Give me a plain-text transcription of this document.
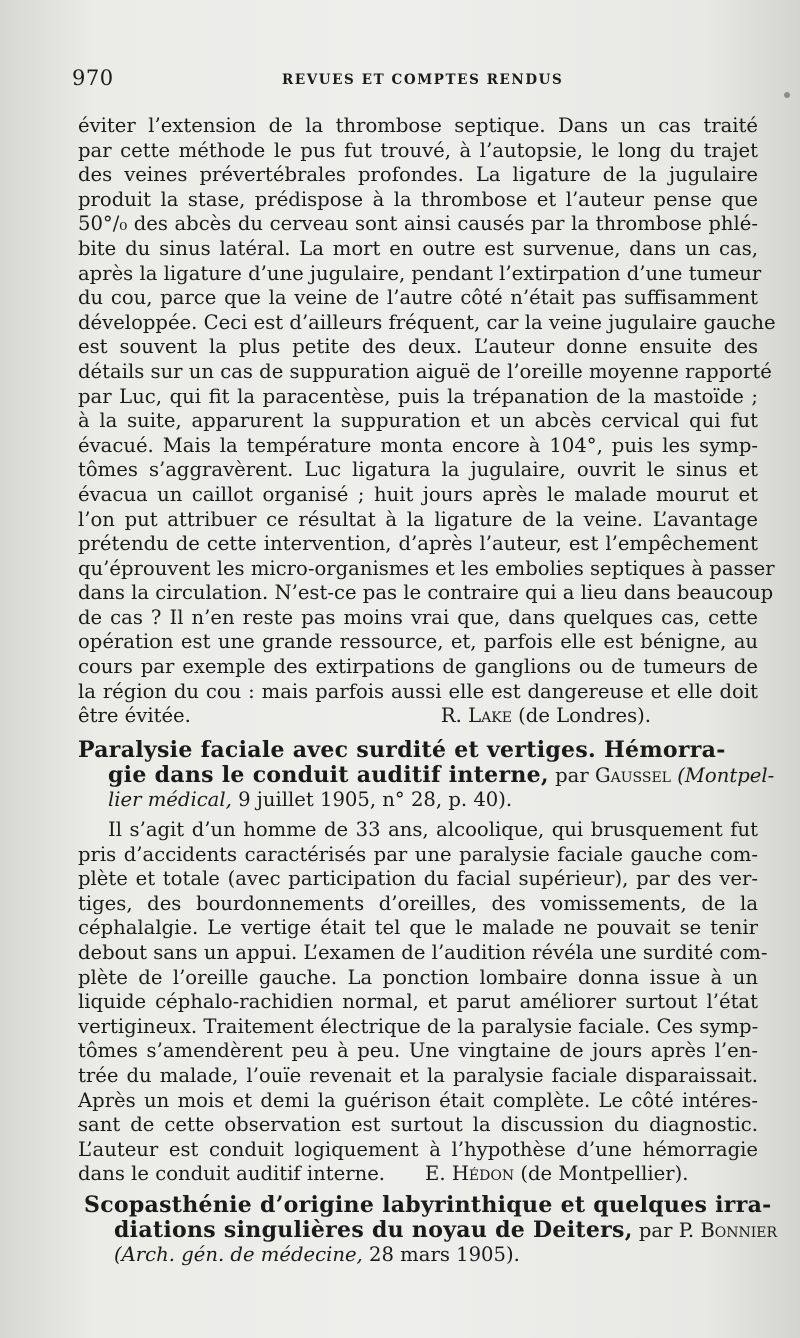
970	REVUES ET COMPTES RENDUS
éviter l’extension de la thrombose septique. Dans un cas traité
par cette méthode le pus fut trouvé, à l’autopsie, le long du trajet
des veines prévertébrales profondes. La ligature de la jugulaire
produit la stase, prédispose à la thrombose et l’auteur pense que
50°/₀ des abcès du cerveau sont ainsi causés par la thrombose phlé-
bite du sinus latéral. La mort en outre est survenue, dans un cas,
après la ligature d’une jugulaire, pendant l’extirpation d’une tumeur
du cou, parce que la veine de l’autre côté n’était pas suffisamment
développée. Ceci est d’ailleurs fréquent, car la veine jugulaire gauche
est souvent la plus petite des deux. L’auteur donne ensuite des
détails sur un cas de suppuration aiguë de l’oreille moyenne rapporté
par Luc, qui fit la paracentèse, puis la trépanation de la mastoïde ;
à la suite, apparurent la suppuration et un abcès cervical qui fut
évacué. Mais la température monta encore à 104°, puis les symp-
tômes s’aggravèrent. Luc ligatura la jugulaire, ouvrit le sinus et
évacua un caillot organisé ; huit jours après le malade mourut et
l’on put attribuer ce résultat à la ligature de la veine. L’avantage
prétendu de cette intervention, d’après l’auteur, est l’empêchement
qu’éprouvent les micro-organismes et les embolies septiques à passer
dans la circulation. N’est-ce pas le contraire qui a lieu dans beaucoup
de cas ? Il n’en reste pas moins vrai que, dans quelques cas, cette
opération est une grande ressource, et, parfois elle est bénigne, au
cours par exemple des extirpations de ganglions ou de tumeurs de
la région du cou : mais parfois aussi elle est dangereuse et elle doit
être évitée.	R. Lake (de Londres).
Paralysie faciale avec surdité et vertiges. Hémorra-
gie dans le conduit auditif interne, par Gaussel (Montpel-
lier médical, 9 juillet 1905, n° 28, p. 40).
Il s’agit d’un homme de 33 ans, alcoolique, qui brusquement fut
pris d’accidents caractérisés par une paralysie faciale gauche com-
plète et totale (avec participation du facial supérieur), par des ver-
tiges, des bourdonnements d’oreilles, des vomissements, de la
céphalalgie. Le vertige était tel que le malade ne pouvait se tenir
debout sans un appui. L’examen de l’audition révéla une surdité com-
plète de l’oreille gauche. La ponction lombaire donna issue à un
liquide céphalo-rachidien normal, et parut améliorer surtout l’état
vertigineux. Traitement électrique de la paralysie faciale. Ces symp-
tômes s’amendèrent peu à peu. Une vingtaine de jours après l’en-
trée du malade, l’ouïe revenait et la paralysie faciale disparaissait.
Après un mois et demi la guérison était complète. Le côté intéres-
sant de cette observation est surtout la discussion du diagnostic.
L’auteur est conduit logiquement à l’hypothèse d’une hémorragie
dans le conduit auditif interne. E. Hédon (de Montpellier).
Scopasthénie d’origine labyrinthique et quelques irra-
diations singulières du noyau de Deiters, par P. Bonnier
(Arch. gén. de médecine, 28 mars 1905).
